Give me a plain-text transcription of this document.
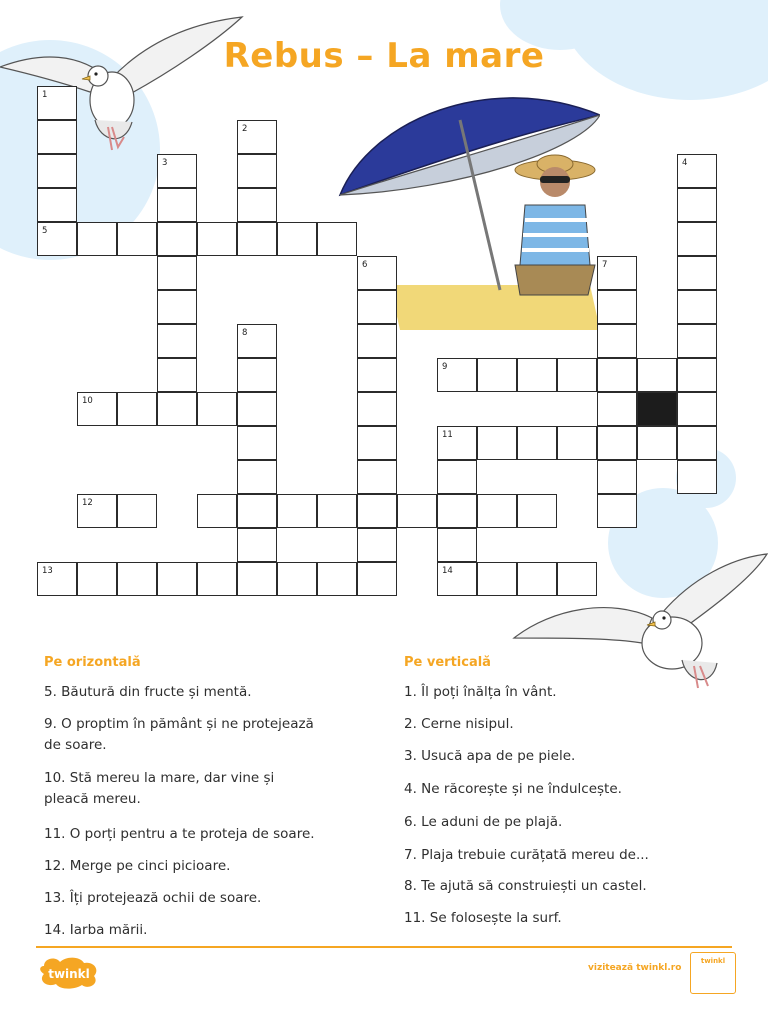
Rebus – La mare
1
5
2
3	4
6	7
8
9
10
11
12
13	14
Pe orizontală
5. Băutură din fructe și mentă.
9. O proptim în pământ și ne protejează
de soare.
10. Stă mereu la mare, dar vine și
pleacă mereu.
11. O porți pentru a te proteja de soare.
12. Merge pe cinci picioare.
13. Îți protejează ochii de soare.
14. Iarba mării.
Pe verticală
1. Îl poți înălța în vânt.
2. Cerne nisipul.
3. Usucă apa de pe piele.
4. Ne răcorește și ne îndulcește.
6. Le aduni de pe plajă.
7. Plaja trebuie curățată mereu de...
8. Te ajută să construiești un castel.
11. Se folosește la surf.
twinkl	vizitează twinkl.ro
twinkl
